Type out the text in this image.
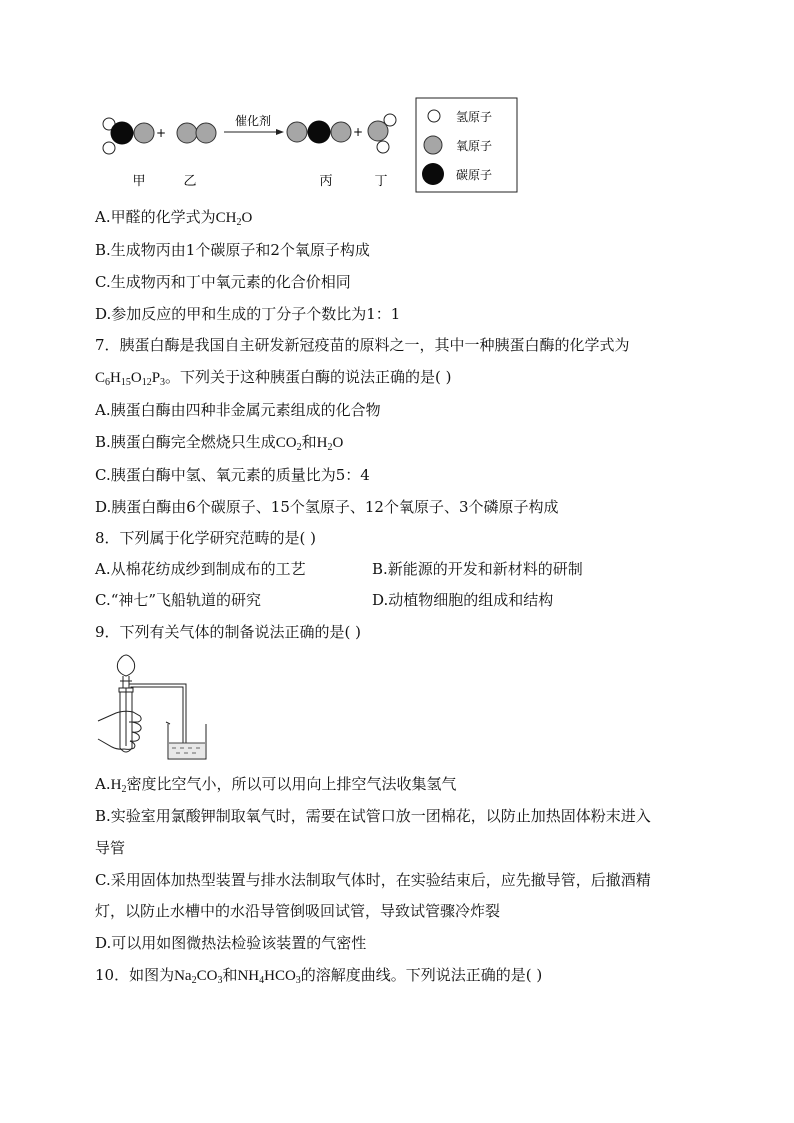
+
催化剂
+
甲	乙	丙	丁
氢原子
氧原子
碳原子
A.甲醛的化学式为$CH_2O$
B.生成物丙由1个碳原子和2个氧原子构成
C.生成物丙和丁中氧元素的化合价相同
D.参加反应的甲和生成的丁分子个数比为1：1
7．胰蛋白酶是我国自主研发新冠疫苗的原料之一，其中一种胰蛋白酶的化学式为
$C_6H_{15}O_{12}P_3$。下列关于这种胰蛋白酶的说法正确的是( )
A.胰蛋白酶由四种非金属元素组成的化合物
B.胰蛋白酶完全燃烧只生成$CO_2$和$H_2O$
C.胰蛋白酶中氢、氧元素的质量比为5：4
D.胰蛋白酶由6个碳原子、15个氢原子、12个氧原子、3个磷原子构成
8．下列属于化学研究范畴的是( )
A.从棉花纺成纱到制成布的工艺	B.新能源的开发和新材料的研制
C.“神七”飞船轨道的研究	D.动植物细胞的组成和结构
9．下列有关气体的制备说法正确的是( )
$A.H_2$密度比空气小，所以可以用向上排空气法收集氢气
B.实验室用氯酸钾制取氧气时，需要在试管口放一团棉花，以防止加热固体粉末进入
导管
C.采用固体加热型装置与排水法制取气体时，在实验结束后，应先撤导管，后撤酒精
灯，以防止水槽中的水沿导管倒吸回试管，导致试管骤冷炸裂
D.可以用如图微热法检验该装置的气密性
10．如图为$Na_2CO_3$和$NH_4HCO_3$的溶解度曲线。下列说法正确的是( )
